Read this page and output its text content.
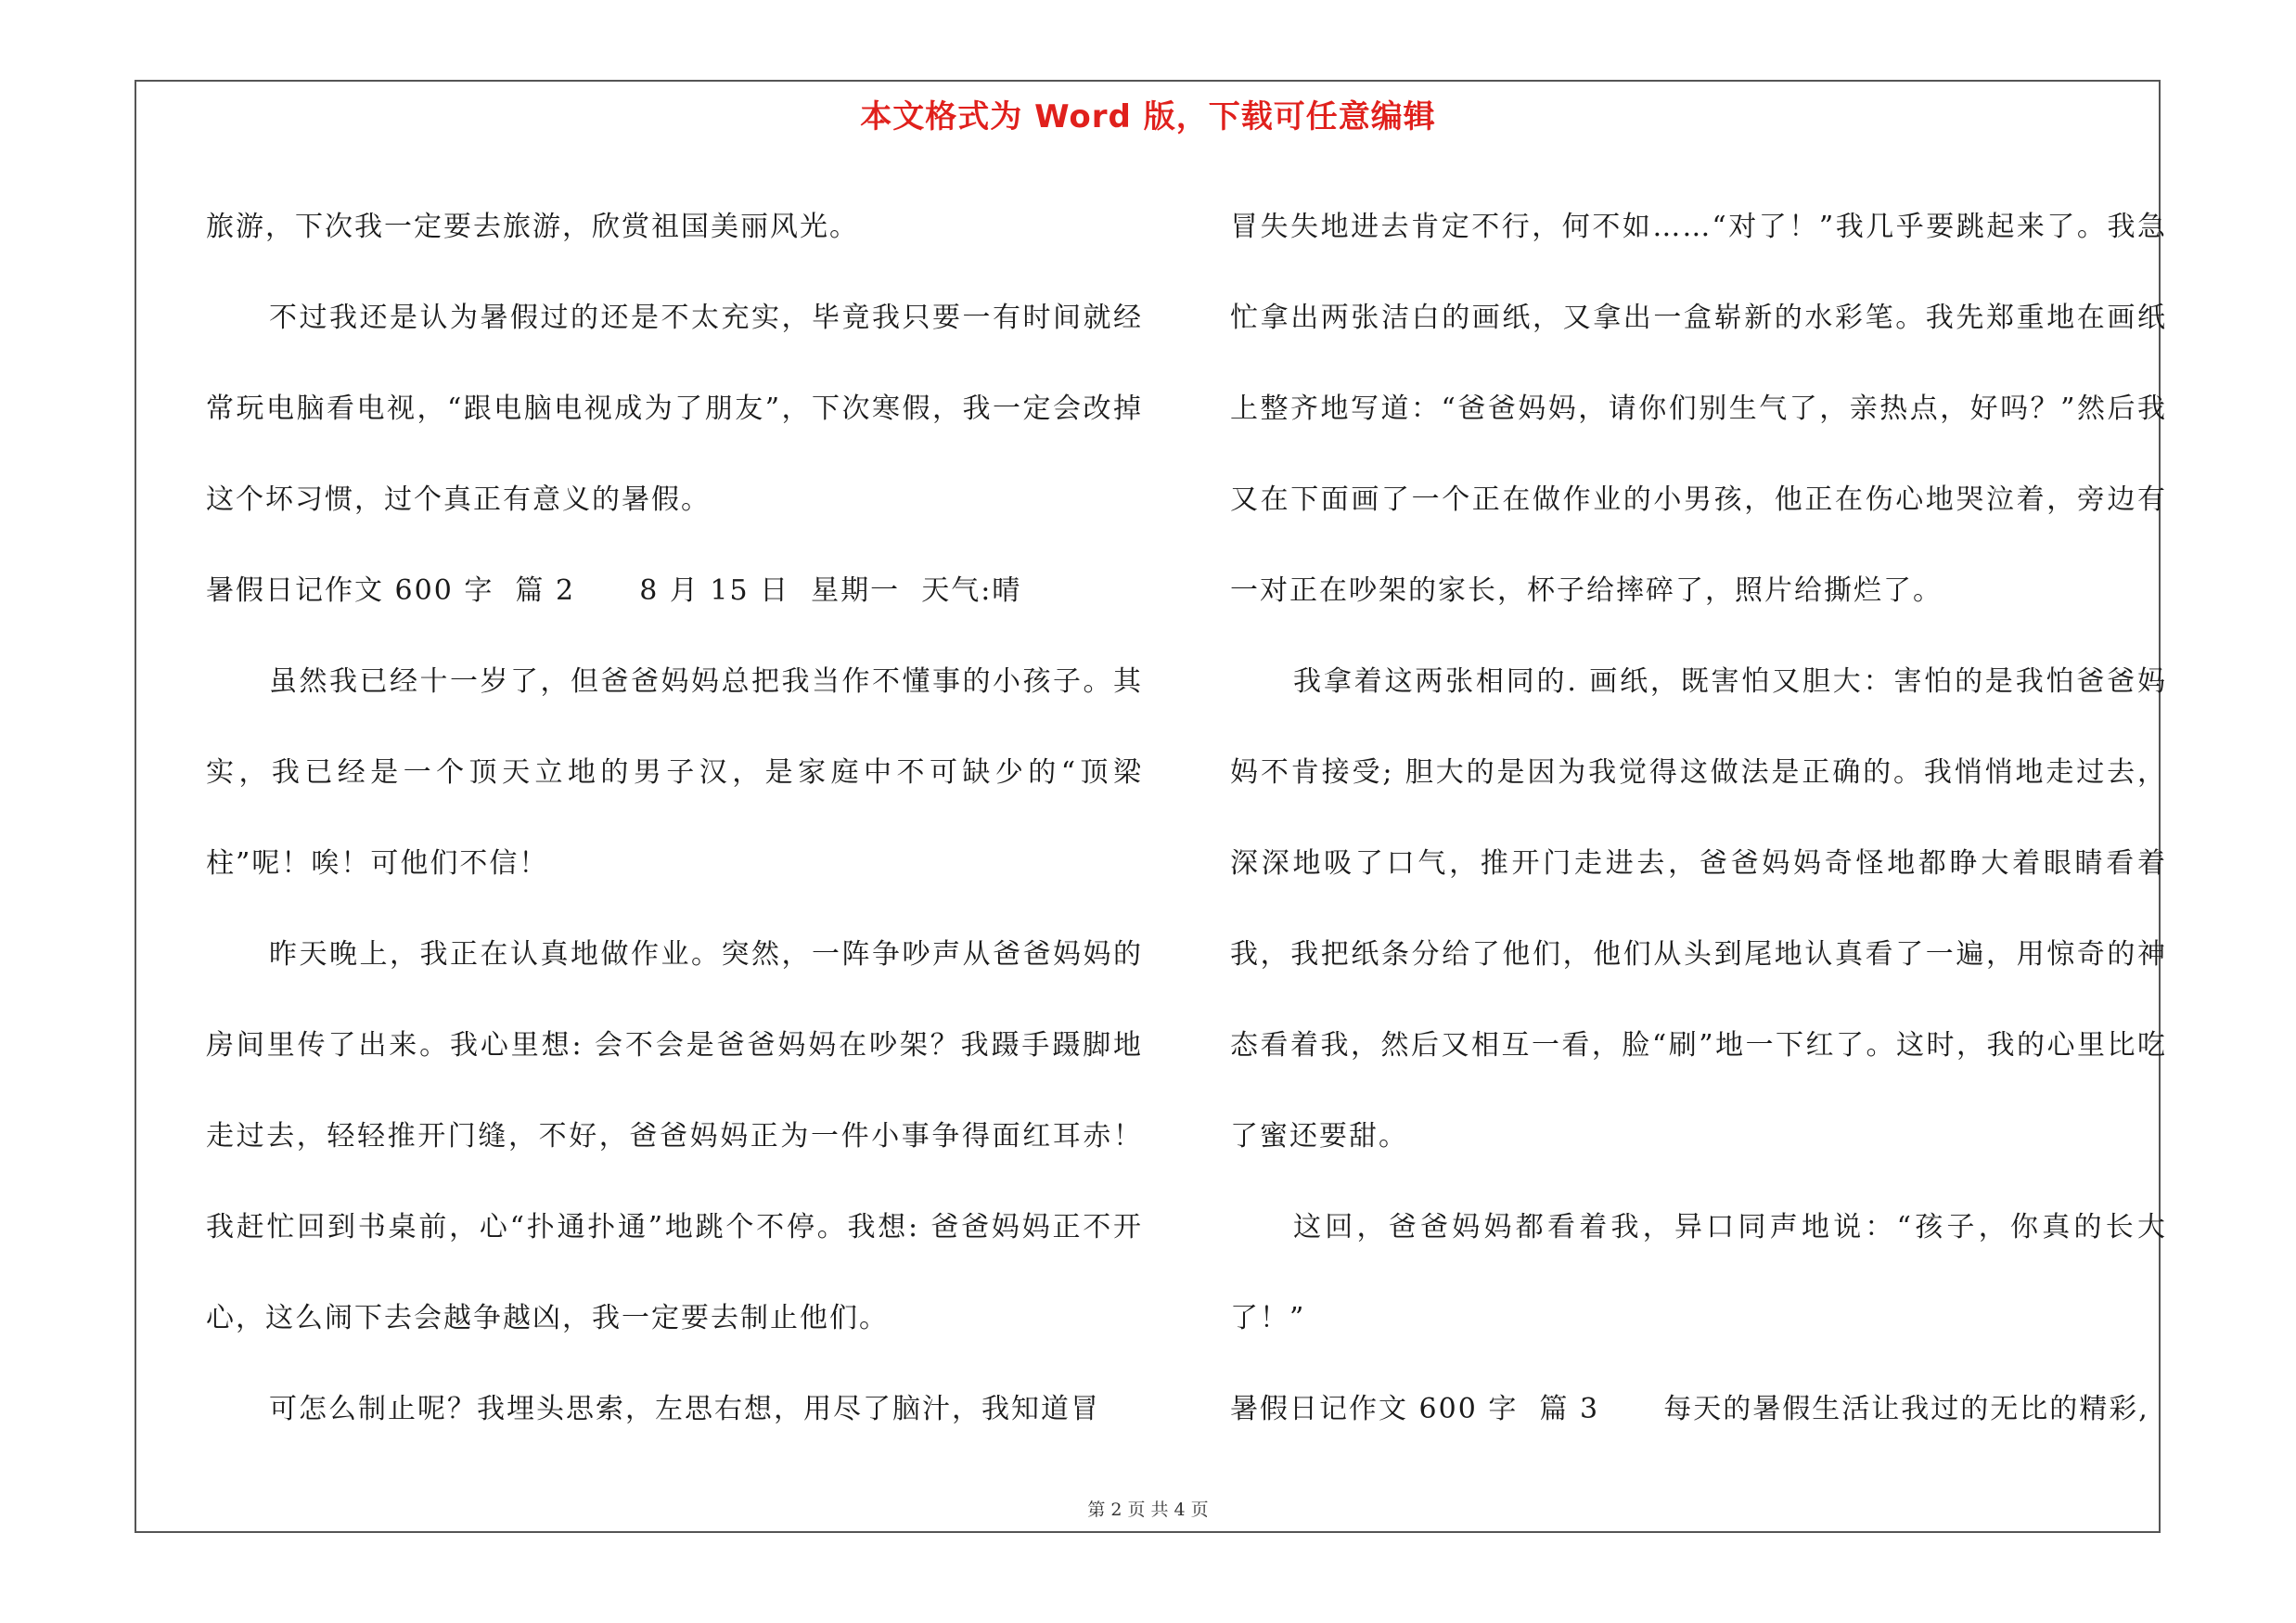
本文格式为 Word 版，下载可任意编辑

旅游，下次我一定要去旅游，欣赏祖国美丽风光。

不过我还是认为暑假过的还是不太充实，毕竟我只要一有时间就经常玩电脑看电视，“跟电脑电视成为了朋友”，下次寒假，我一定会改掉这个坏习惯，过个真正有意义的暑假。

暑假日记作文 600 字  篇 2      8 月 15 日  星期一  天气:晴

虽然我已经十一岁了，但爸爸妈妈总把我当作不懂事的小孩子。其实，我已经是一个顶天立地的男子汉，是家庭中不可缺少的“顶梁柱”呢！唉！可他们不信！

昨天晚上，我正在认真地做作业。突然，一阵争吵声从爸爸妈妈的房间里传了出来。我心里想: 会不会是爸爸妈妈在吵架？我蹑手蹑脚地走过去，轻轻推开门缝，不好，爸爸妈妈正为一件小事争得面红耳赤！我赶忙回到书桌前，心“扑通扑通”地跳个不停。我想: 爸爸妈妈正不开心，这么闹下去会越争越凶，我一定要去制止他们。

可怎么制止呢？我埋头思索，左思右想，用尽了脑汁，我知道冒

冒失失地进去肯定不行，何不如……“对了！”我几乎要跳起来了。我急忙拿出两张洁白的画纸，又拿出一盒崭新的水彩笔。我先郑重地在画纸上整齐地写道：“爸爸妈妈，请你们别生气了，亲热点，好吗？”然后我又在下面画了一个正在做作业的小男孩，他正在伤心地哭泣着，旁边有一对正在吵架的家长，杯子给摔碎了，照片给撕烂了。

我拿着这两张相同的. 画纸，既害怕又胆大：害怕的是我怕爸爸妈妈不肯接受; 胆大的是因为我觉得这做法是正确的。我悄悄地走过去，深深地吸了口气，推开门走进去，爸爸妈妈奇怪地都睁大着眼睛看着我，我把纸条分给了他们，他们从头到尾地认真看了一遍，用惊奇的神态看着我，然后又相互一看，脸“刷”地一下红了。这时，我的心里比吃了蜜还要甜。

这回，爸爸妈妈都看着我，异口同声地说：“孩子，你真的长大了！”

暑假日记作文 600 字  篇 3      每天的暑假生活让我过的无比的精彩,

第 2 页 共 4 页
